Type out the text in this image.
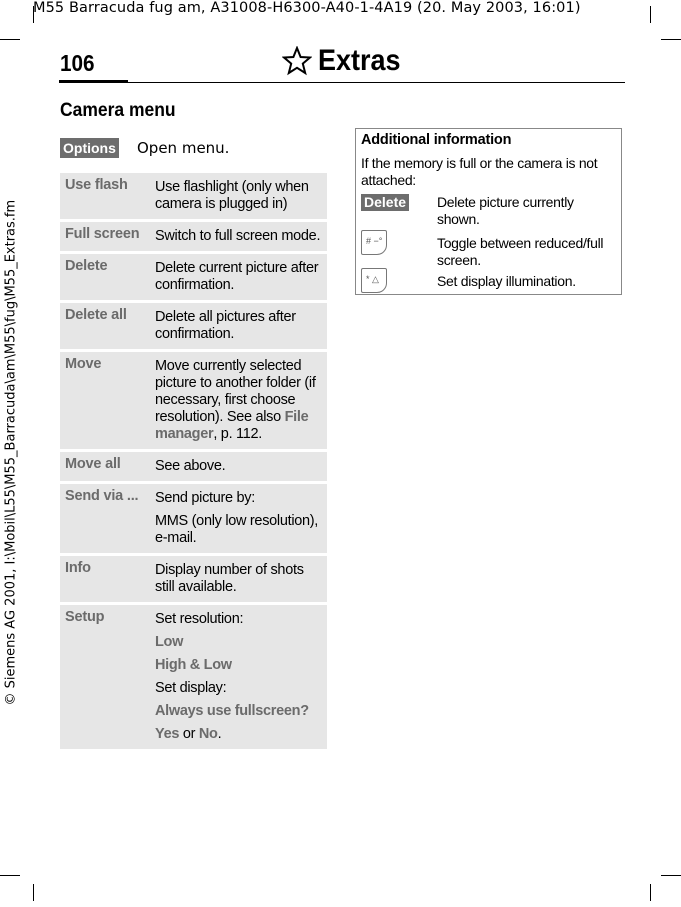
M55 Barracuda fug am, A31008-H6300-A40-1-4A19 (20. May 2003, 16:01)
106	Extras
Camera menu
Options Open menu.
Use flash	Use flashlight (only when camera is plugged in)

Full screen	Switch to full screen mode.

Delete	Delete current picture after confirmation.

Delete all	Delete all pictures after confirmation.

Move	Move currently selected picture to another folder (if necessary, first choose resolution). See also File manager, p. 112.

Move all	See above.

Send via ...	Send picture by:

MMS (only low resolution), e-mail.

Info	Display number of shots still available.

Setup	Set resolution:

Low

High & Low

Set display:

Always use fullscreen?

Yes or No.

Additional information
If the memory is full or the camera is not attached:
Delete	Delete picture currently shown.
# −°	Toggle between reduced/full screen.
* △	Set display illumination.
© Siemens AG 2001, I:\Mobil\L55\M55_Barracuda\am\M55\fug\M55_Extras.fm
